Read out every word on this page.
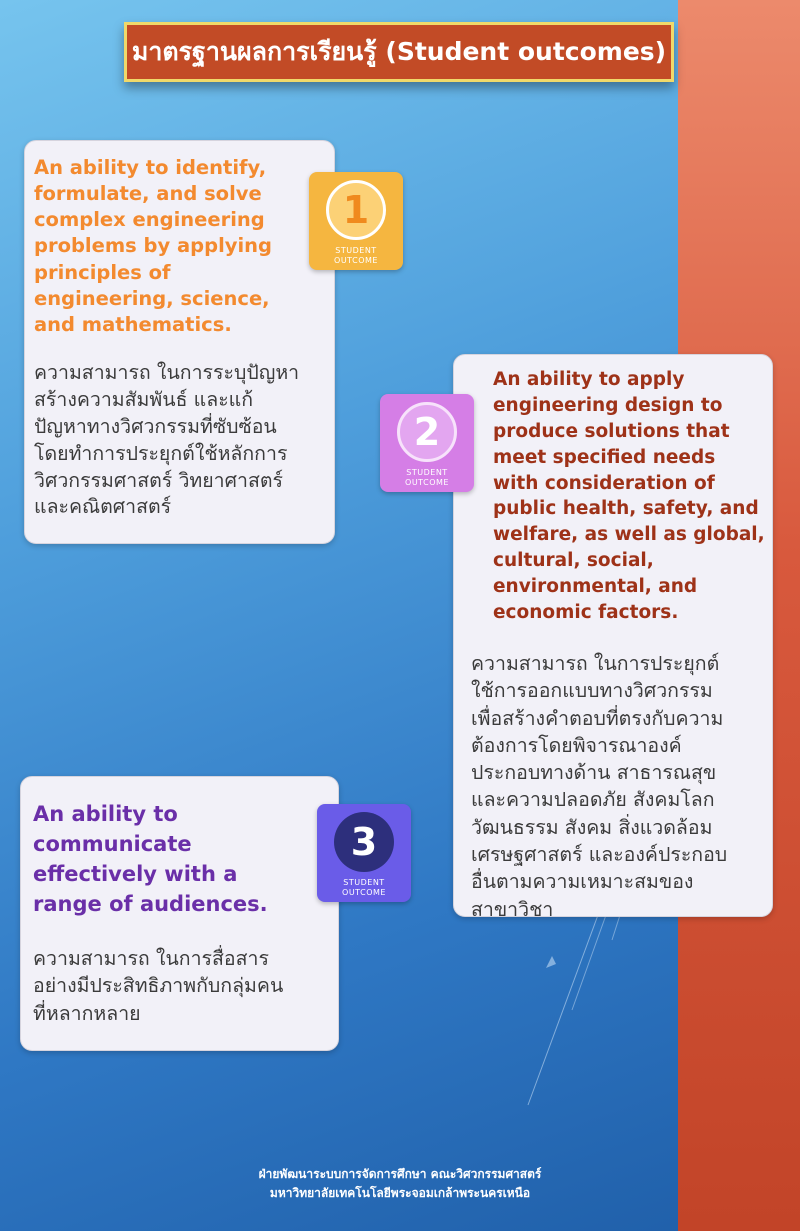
มาตรฐานผลการเรียนรู้ (Student outcomes)
An ability to identify, formulate, and solve complex engineering problems by applying principles of engineering, science, and mathematics.
ความสามารถ ในการระบุปัญหา
สร้างความสัมพันธ์ และแก้
ปัญหาทางวิศวกรรมที่ซับซ้อน
โดยทำการประยุกต์ใช้หลักการ
วิศวกรรมศาสตร์ วิทยาศาสตร์
และคณิตศาสตร์
1
STUDENT
OUTCOME
An ability to apply engineering design to produce solutions that meet specified needs with consideration of public health, safety, and welfare, as well as global, cultural, social, environmental, and economic factors.
ความสามารถ ในการประยุกต์
ใช้การออกแบบทางวิศวกรรม
เพื่อสร้างคำตอบที่ตรงกับความ
ต้องการโดยพิจารณาองค์
ประกอบทางด้าน สาธารณสุข
และความปลอดภัย สังคมโลก
วัฒนธรรม สังคม สิ่งแวดล้อม
เศรษฐศาสตร์ และองค์ประกอบ
อื่นตามความเหมาะสมของ
สาขาวิชา
2
STUDENT
OUTCOME
An ability to communicate effectively with a range of audiences.
ความสามารถ ในการสื่อสาร
อย่างมีประสิทธิภาพกับกลุ่มคน
ที่หลากหลาย
3
STUDENT
OUTCOME
ฝ่ายพัฒนาระบบการจัดการศึกษา คณะวิศวกรรมศาสตร์
มหาวิทยาลัยเทคโนโลยีพระจอมเกล้าพระนครเหนือ
